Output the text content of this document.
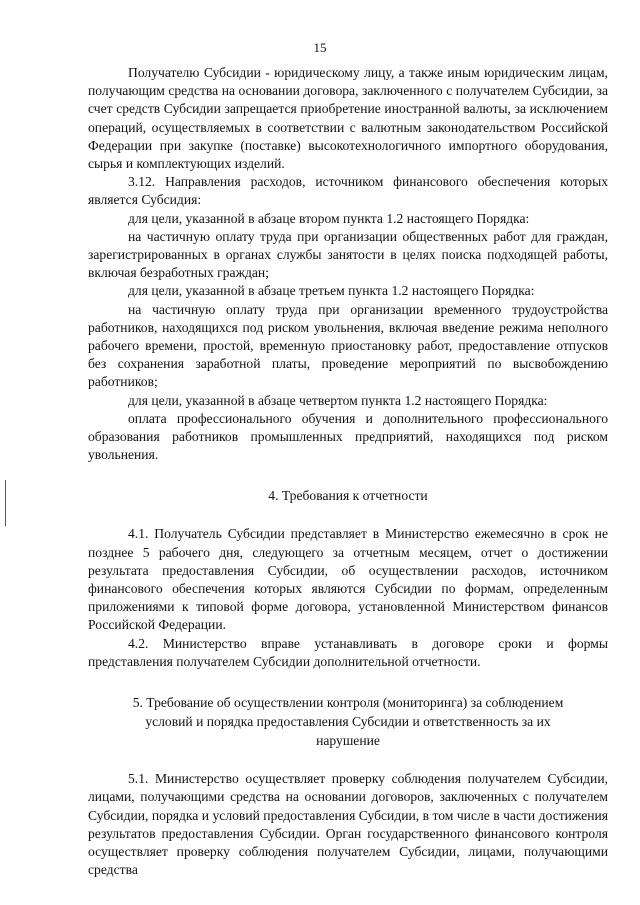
15

Получателю Субсидии - юридическому лицу, а также иным юридическим лицам, получающим средства на основании договора, заключенного с получателем Субсидии, за счет средств Субсидии запрещается приобретение иностранной валюты, за исключением операций, осуществляемых в соответствии с валютным законодательством Российской Федерации при закупке (поставке) высокотехнологичного импортного оборудования, сырья и комплектующих изделий.

3.12. Направления расходов, источником финансового обеспечения которых является Субсидия:

для цели, указанной в абзаце втором пункта 1.2 настоящего Порядка:

на частичную оплату труда при организации общественных работ для граждан, зарегистрированных в органах службы занятости в целях поиска подходящей работы, включая безработных граждан;

для цели, указанной в абзаце третьем пункта 1.2 настоящего Порядка:

на частичную оплату труда при организации временного трудоустройства работников, находящихся под риском увольнения, включая введение режима неполного рабочего времени, простой, временную приостановку работ, предоставление отпусков без сохранения заработной платы, проведение мероприятий по высвобождению работников;

для цели, указанной в абзаце четвертом пункта 1.2 настоящего Порядка:

оплата профессионального обучения и дополнительного профессионального образования работников промышленных предприятий, находящихся под риском увольнения.

4. Требования к отчетности

4.1. Получатель Субсидии представляет в Министерство ежемесячно в срок не позднее 5 рабочего дня, следующего за отчетным месяцем, отчет о достижении результата предоставления Субсидии, об осуществлении расходов, источником финансового обеспечения которых являются Субсидии по формам, определенным приложениями к типовой форме договора, установленной Министерством финансов Российской Федерации.

4.2. Министерство вправе устанавливать в договоре сроки и формы представления получателем Субсидии дополнительной отчетности.

5. Требование об осуществлении контроля (мониторинга) за соблюдением

условий и порядка предоставления Субсидии и ответственность за их

нарушение

5.1. Министерство осуществляет проверку соблюдения получателем Субсидии, лицами, получающими средства на основании договоров, заключенных с получателем Субсидии, порядка и условий предоставления Субсидии, в том числе в части достижения результатов предоставления Субсидии. Орган государственного финансового контроля осуществляет проверку соблюдения получателем Субсидии, лицами, получающими средства
